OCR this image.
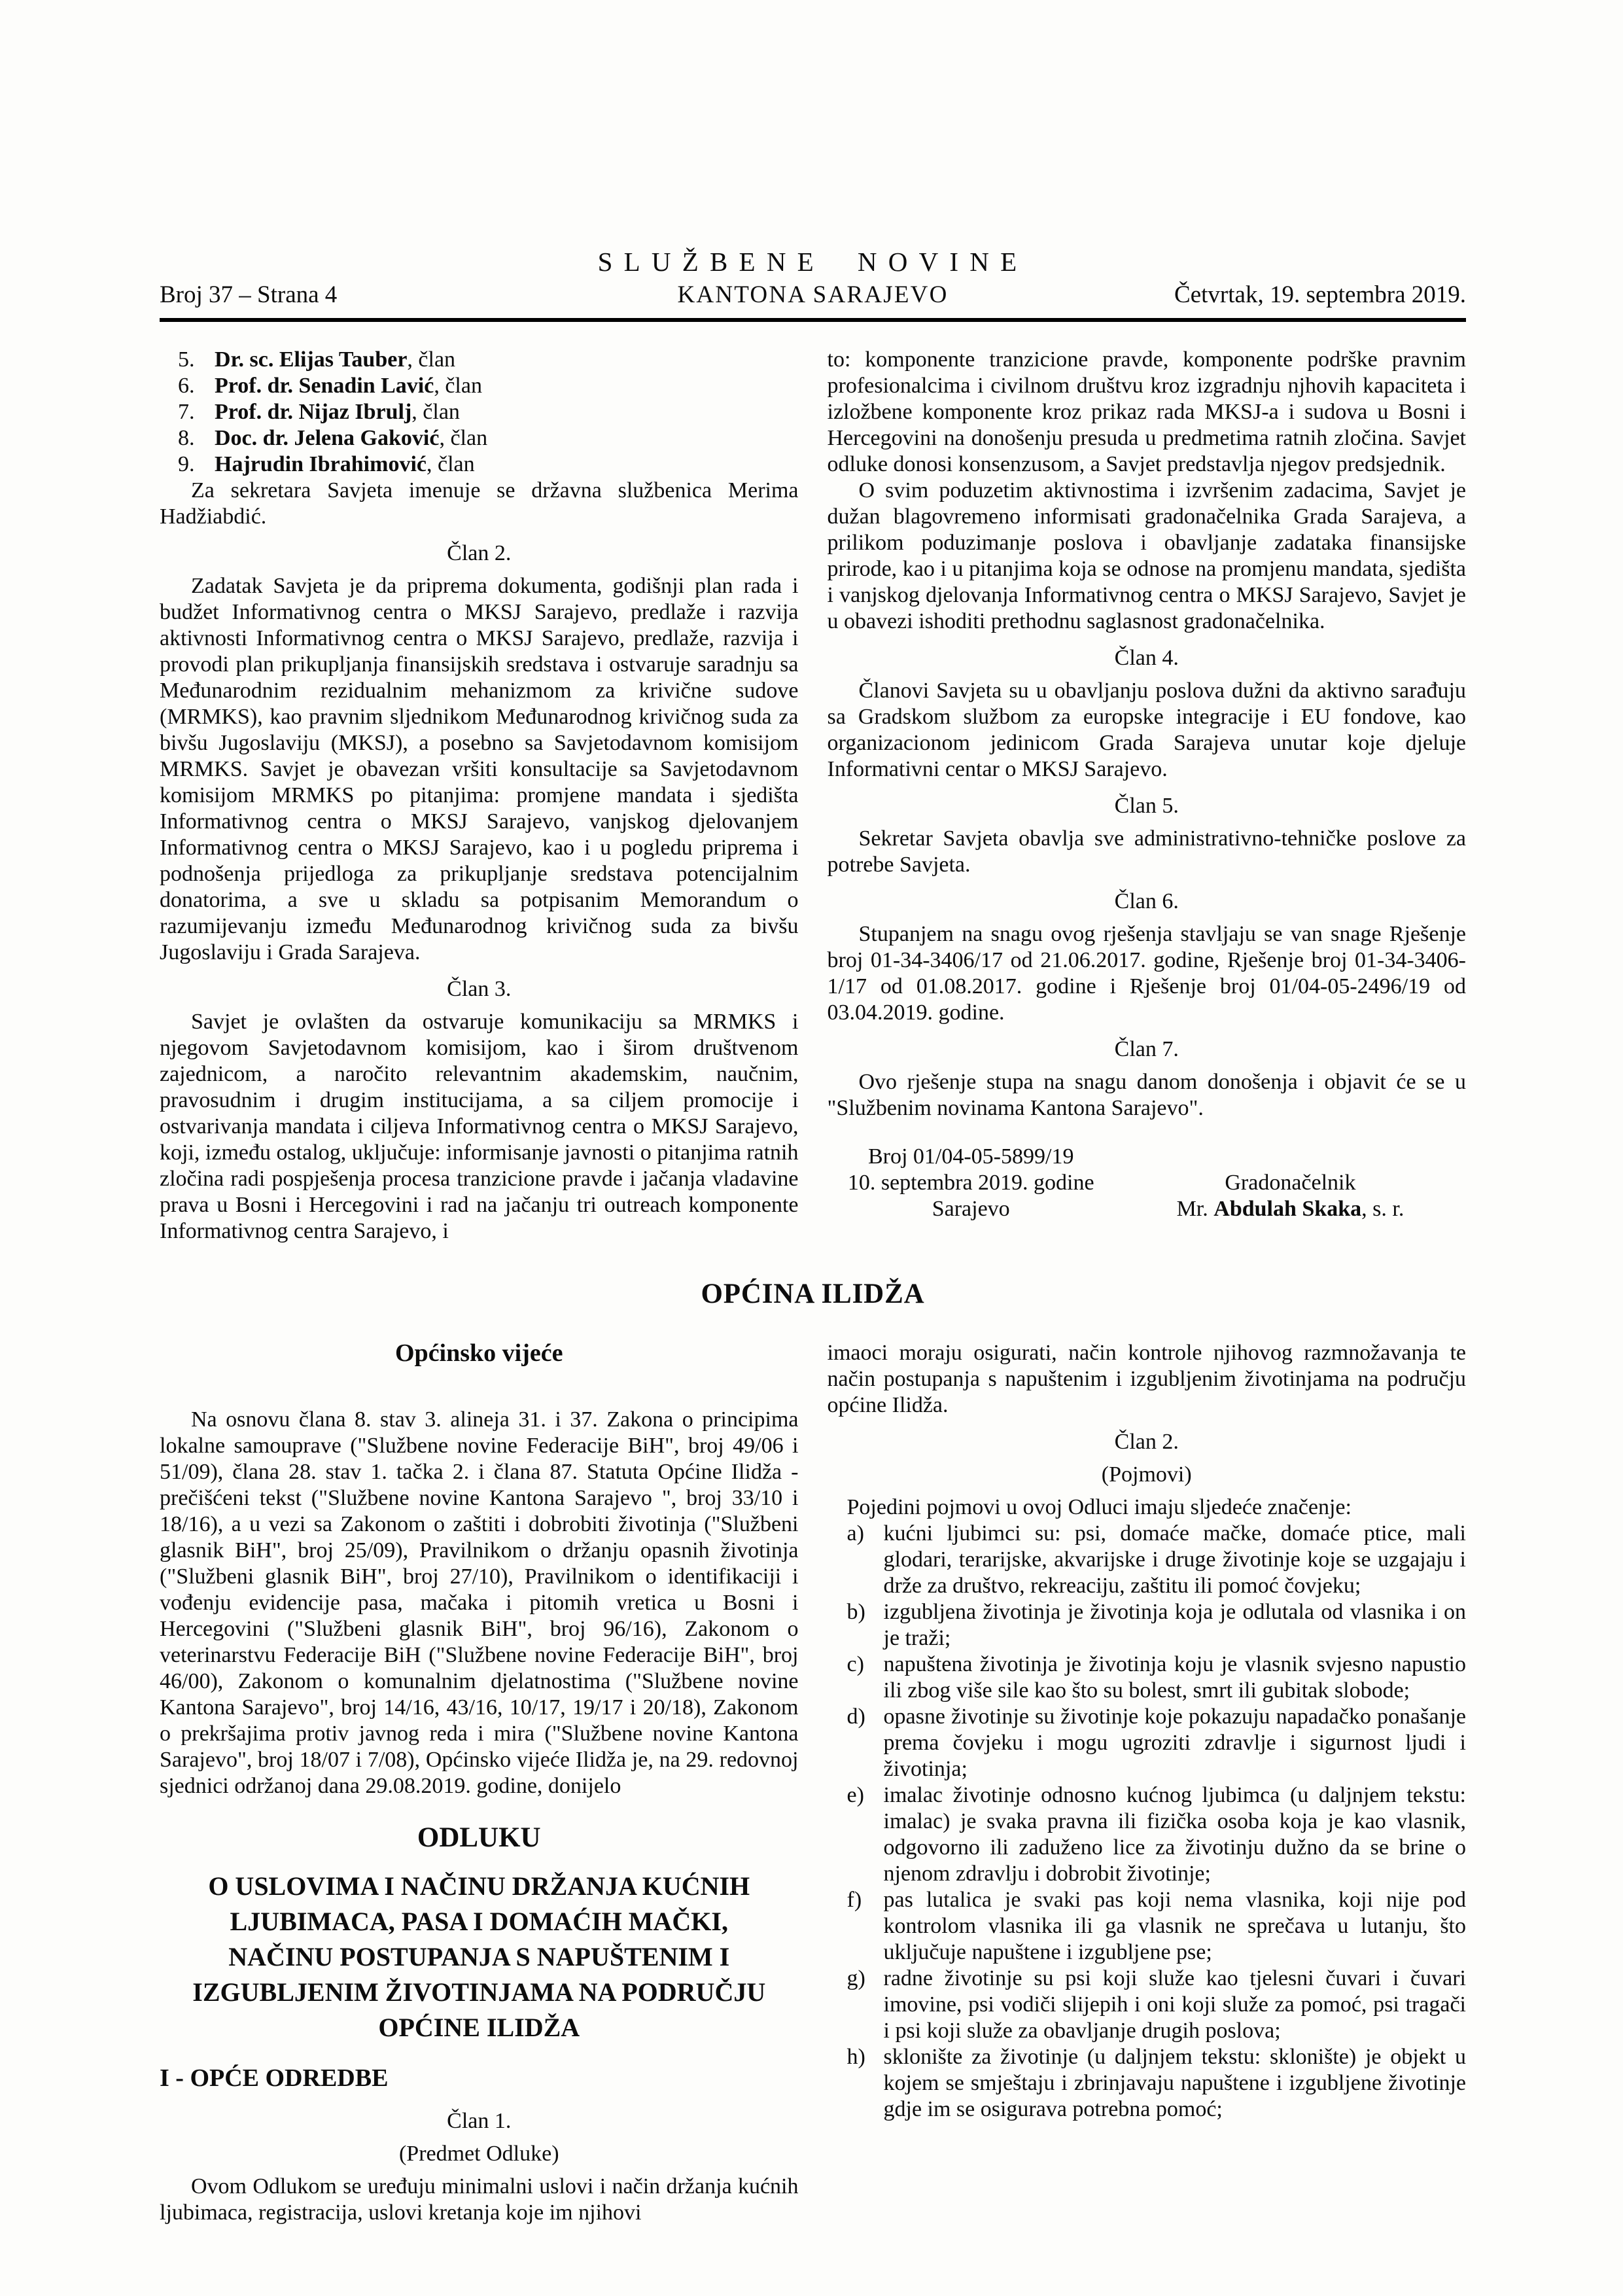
SLUŽBENE NOVINE
Broj 37 – Strana 4	KANTONA SARAJEVO	Četvrtak, 19. septembra 2019.
5. Dr. sc. Elijas Tauber, član
6. Prof. dr. Senadin Lavić, član
7. Prof. dr. Nijaz Ibrulj, član
8. Doc. dr. Jelena Gaković, član
9. Hajrudin Ibrahimović, član

Za sekretara Savjeta imenuje se državna službenica Merima Hadžiabdić.

Član 2.

Zadatak Savjeta je da priprema dokumenta, godišnji plan rada i budžet Informativnog centra o MKSJ Sarajevo, predlaže i razvija aktivnosti Informativnog centra o MKSJ Sarajevo, predlaže, razvija i provodi plan prikupljanja finansijskih sredstava i ostvaruje saradnju sa Međunarodnim rezidualnim mehanizmom za krivične sudove (MRMKS), kao pravnim sljednikom Međunarodnog krivičnog suda za bivšu Jugoslaviju (MKSJ), a posebno sa Savjetodavnom komisijom MRMKS. Savjet je obavezan vršiti konsultacije sa Savjetodavnom komisijom MRMKS po pitanjima: promjene mandata i sjedišta Informativnog centra o MKSJ Sarajevo, vanjskog djelovanjem Informativnog centra o MKSJ Sarajevo, kao i u pogledu priprema i podnošenja prijedloga za prikupljanje sredstava potencijalnim donatorima, a sve u skladu sa potpisanim Memorandum o razumijevanju između Međunarodnog krivičnog suda za bivšu Jugoslaviju i Grada Sarajeva.

Član 3.

Savjet je ovlašten da ostvaruje komunikaciju sa MRMKS i njegovom Savjetodavnom komisijom, kao i širom društvenom zajednicom, a naročito relevantnim akademskim, naučnim, pravosudnim i drugim institucijama, a sa ciljem promocije i ostvarivanja mandata i ciljeva Informativnog centra o MKSJ Sarajevo, koji, između ostalog, uključuje: informisanje javnosti o pitanjima ratnih zločina radi pospješenja procesa tranzicione pravde i jačanja vladavine prava u Bosni i Hercegovini i rad na jačanju tri outreach komponente Informativnog centra Sarajevo, i

to: komponente tranzicione pravde, komponente podrške pravnim profesionalcima i civilnom društvu kroz izgradnju njhovih kapaciteta i izložbene komponente kroz prikaz rada MKSJ-a i sudova u Bosni i Hercegovini na donošenju presuda u predmetima ratnih zločina. Savjet odluke donosi konsenzusom, a Savjet predstavlja njegov predsjednik.

O svim poduzetim aktivnostima i izvršenim zadacima, Savjet je dužan blagovremeno informisati gradonačelnika Grada Sarajeva, a prilikom poduzimanje poslova i obavljanje zadataka finansijske prirode, kao i u pitanjima koja se odnose na promjenu mandata, sjedišta i vanjskog djelovanja Informativnog centra o MKSJ Sarajevo, Savjet je u obavezi ishoditi prethodnu saglasnost gradonačelnika.

Član 4.

Članovi Savjeta su u obavljanju poslova dužni da aktivno sarađuju sa Gradskom službom za europske integracije i EU fondove, kao organizacionom jedinicom Grada Sarajeva unutar koje djeluje Informativni centar o MKSJ Sarajevo.

Član 5.

Sekretar Savjeta obavlja sve administrativno-tehničke poslove za potrebe Savjeta.

Član 6.

Stupanjem na snagu ovog rješenja stavljaju se van snage Rješenje broj 01-34-3406/17 od 21.06.2017. godine, Rješenje broj 01-34-3406-1/17 od 01.08.2017. godine i Rješenje broj 01/04-05-2496/19 od 03.04.2019. godine.

Član 7.

Ovo rješenje stupa na snagu danom donošenja i objavit će se u "Službenim novinama Kantona Sarajevo".

Broj 01/04-05-5899/19
10. septembra 2019. godine
Sarajevo
Gradonačelnik
Mr. Abdulah Skaka, s. r.
OPĆINA ILIDŽA
Općinsko vijeće

Na osnovu člana 8. stav 3. alineja 31. i 37. Zakona o principima lokalne samouprave ("Službene novine Federacije BiH", broj 49/06 i 51/09), člana 28. stav 1. tačka 2. i člana 87. Statuta Općine Ilidža - prečišćeni tekst ("Službene novine Kantona Sarajevo ", broj 33/10 i 18/16), a u vezi sa Zakonom o zaštiti i dobrobiti životinja ("Službeni glasnik BiH", broj 25/09), Pravilnikom o držanju opasnih životinja ("Službeni glasnik BiH", broj 27/10), Pravilnikom o identifikaciji i vođenju evidencije pasa, mačaka i pitomih vretica u Bosni i Hercegovini ("Službeni glasnik BiH", broj 96/16), Zakonom o veterinarstvu Federacije BiH ("Službene novine Federacije BiH", broj 46/00), Zakonom o komunalnim djelatnostima ("Službene novine Kantona Sarajevo", broj 14/16, 43/16, 10/17, 19/17 i 20/18), Zakonom o prekršajima protiv javnog reda i mira ("Službene novine Kantona Sarajevo", broj 18/07 i 7/08), Općinsko vijeće Ilidža je, na 29. redovnoj sjednici održanoj dana 29.08.2019. godine, donijelo

ODLUKU
O USLOVIMA I NAČINU DRŽANJA KUĆNIH LJUBIMACA, PASA I DOMAĆIH MAČKI, NAČINU POSTUPANJA S NAPUŠTENIM I IZGUBLJENIM ŽIVOTINJAMA NA PODRUČJU OPĆINE ILIDŽA
I - OPĆE ODREDBE
Član 1.
(Predmet Odluke)

Ovom Odlukom se uređuju minimalni uslovi i način držanja kućnih ljubimaca, registracija, uslovi kretanja koje im njihovi

imaoci moraju osigurati, način kontrole njihovog razmnožavanja te način postupanja s napuštenim i izgubljenim životinjama na području općine Ilidža.

Član 2.
(Pojmovi)

Pojedini pojmovi u ovoj Odluci imaju sljedeće značenje:

a) kućni ljubimci su: psi, domaće mačke, domaće ptice, mali glodari, terarijske, akvarijske i druge životinje koje se uzgajaju i drže za društvo, rekreaciju, zaštitu ili pomoć čovjeku;

b) izgubljena životinja je životinja koja je odlutala od vlasnika i on je traži;

c) napuštena životinja je životinja koju je vlasnik svjesno napustio ili zbog više sile kao što su bolest, smrt ili gubitak slobode;

d) opasne životinje su životinje koje pokazuju napadačko ponašanje prema čovjeku i mogu ugroziti zdravlje i sigurnost ljudi i životinja;

e) imalac životinje odnosno kućnog ljubimca (u daljnjem tekstu: imalac) je svaka pravna ili fizička osoba koja je kao vlasnik, odgovorno ili zaduženo lice za životinju dužno da se brine o njenom zdravlju i dobrobit životinje;

f) pas lutalica je svaki pas koji nema vlasnika, koji nije pod kontrolom vlasnika ili ga vlasnik ne sprečava u lutanju, što uključuje napuštene i izgubljene pse;

g) radne životinje su psi koji služe kao tjelesni čuvari i čuvari imovine, psi vodiči slijepih i oni koji služe za pomoć, psi tragači i psi koji služe za obavljanje drugih poslova;

h) sklonište za životinje (u daljnjem tekstu: sklonište) je objekt u kojem se smještaju i zbrinjavaju napuštene i izgubljene životinje gdje im se osigurava potrebna pomoć;
